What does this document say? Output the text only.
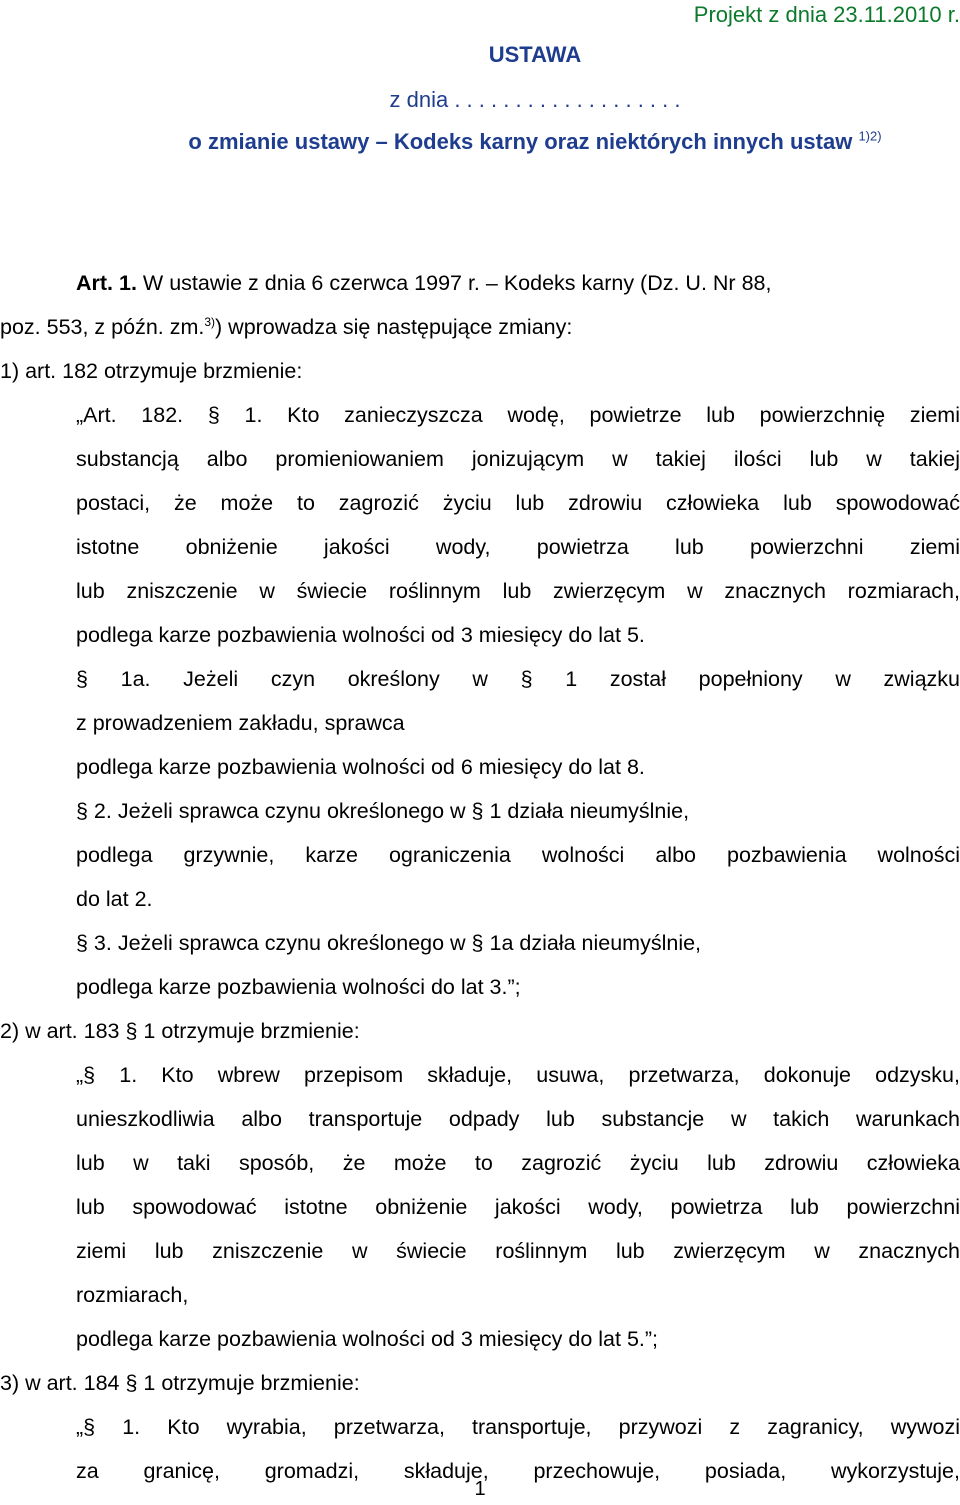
Projekt z dnia 23.11.2010 r.
USTAWA
z dnia . . . . . . . . . . . . . . . . . . .
o zmianie ustawy – Kodeks karny oraz niektórych innych ustaw $^{1)2)}$
Art. 1. W ustawie z dnia 6 czerwca 1997 r. – Kodeks karny (Dz. U. Nr 88,
poz. 553, z późn. zm.$^{3)}$) wprowadza się następujące zmiany:
1) art. 182 otrzymuje brzmienie:
„Art. 182. § 1. Kto zanieczyszcza wodę, powietrze lub powierzchnię ziemi
substancją albo promieniowaniem jonizującym w takiej ilości lub w takiej
postaci, że może to zagrozić życiu lub zdrowiu człowieka lub spowodować
istotne obniżenie jakości wody, powietrza lub powierzchni ziemi
lub zniszczenie w świecie roślinnym lub zwierzęcym w znacznych rozmiarach,
podlega karze pozbawienia wolności od 3 miesięcy do lat 5.
§ 1a. Jeżeli czyn określony w § 1 został popełniony w związku
z prowadzeniem zakładu, sprawca
podlega karze pozbawienia wolności od 6 miesięcy do lat 8.
§ 2. Jeżeli sprawca czynu określonego w § 1 działa nieumyślnie,
podlega grzywnie, karze ograniczenia wolności albo pozbawienia wolności
do lat 2.
§ 3. Jeżeli sprawca czynu określonego w § 1a działa nieumyślnie,
podlega karze pozbawienia wolności do lat 3.”;
2) w art. 183 § 1 otrzymuje brzmienie:
„§ 1. Kto wbrew przepisom składuje, usuwa, przetwarza, dokonuje odzysku,
unieszkodliwia albo transportuje odpady lub substancje w takich warunkach
lub w taki sposób, że może to zagrozić życiu lub zdrowiu człowieka
lub spowodować istotne obniżenie jakości wody, powietrza lub powierzchni
ziemi lub zniszczenie w świecie roślinnym lub zwierzęcym w znacznych
rozmiarach,
podlega karze pozbawienia wolności od 3 miesięcy do lat 5.”;
3) w art. 184 § 1 otrzymuje brzmienie:
„§ 1. Kto wyrabia, przetwarza, transportuje, przywozi z zagranicy, wywozi
za granicę, gromadzi, składuje, przechowuje, posiada, wykorzystuje,
1
